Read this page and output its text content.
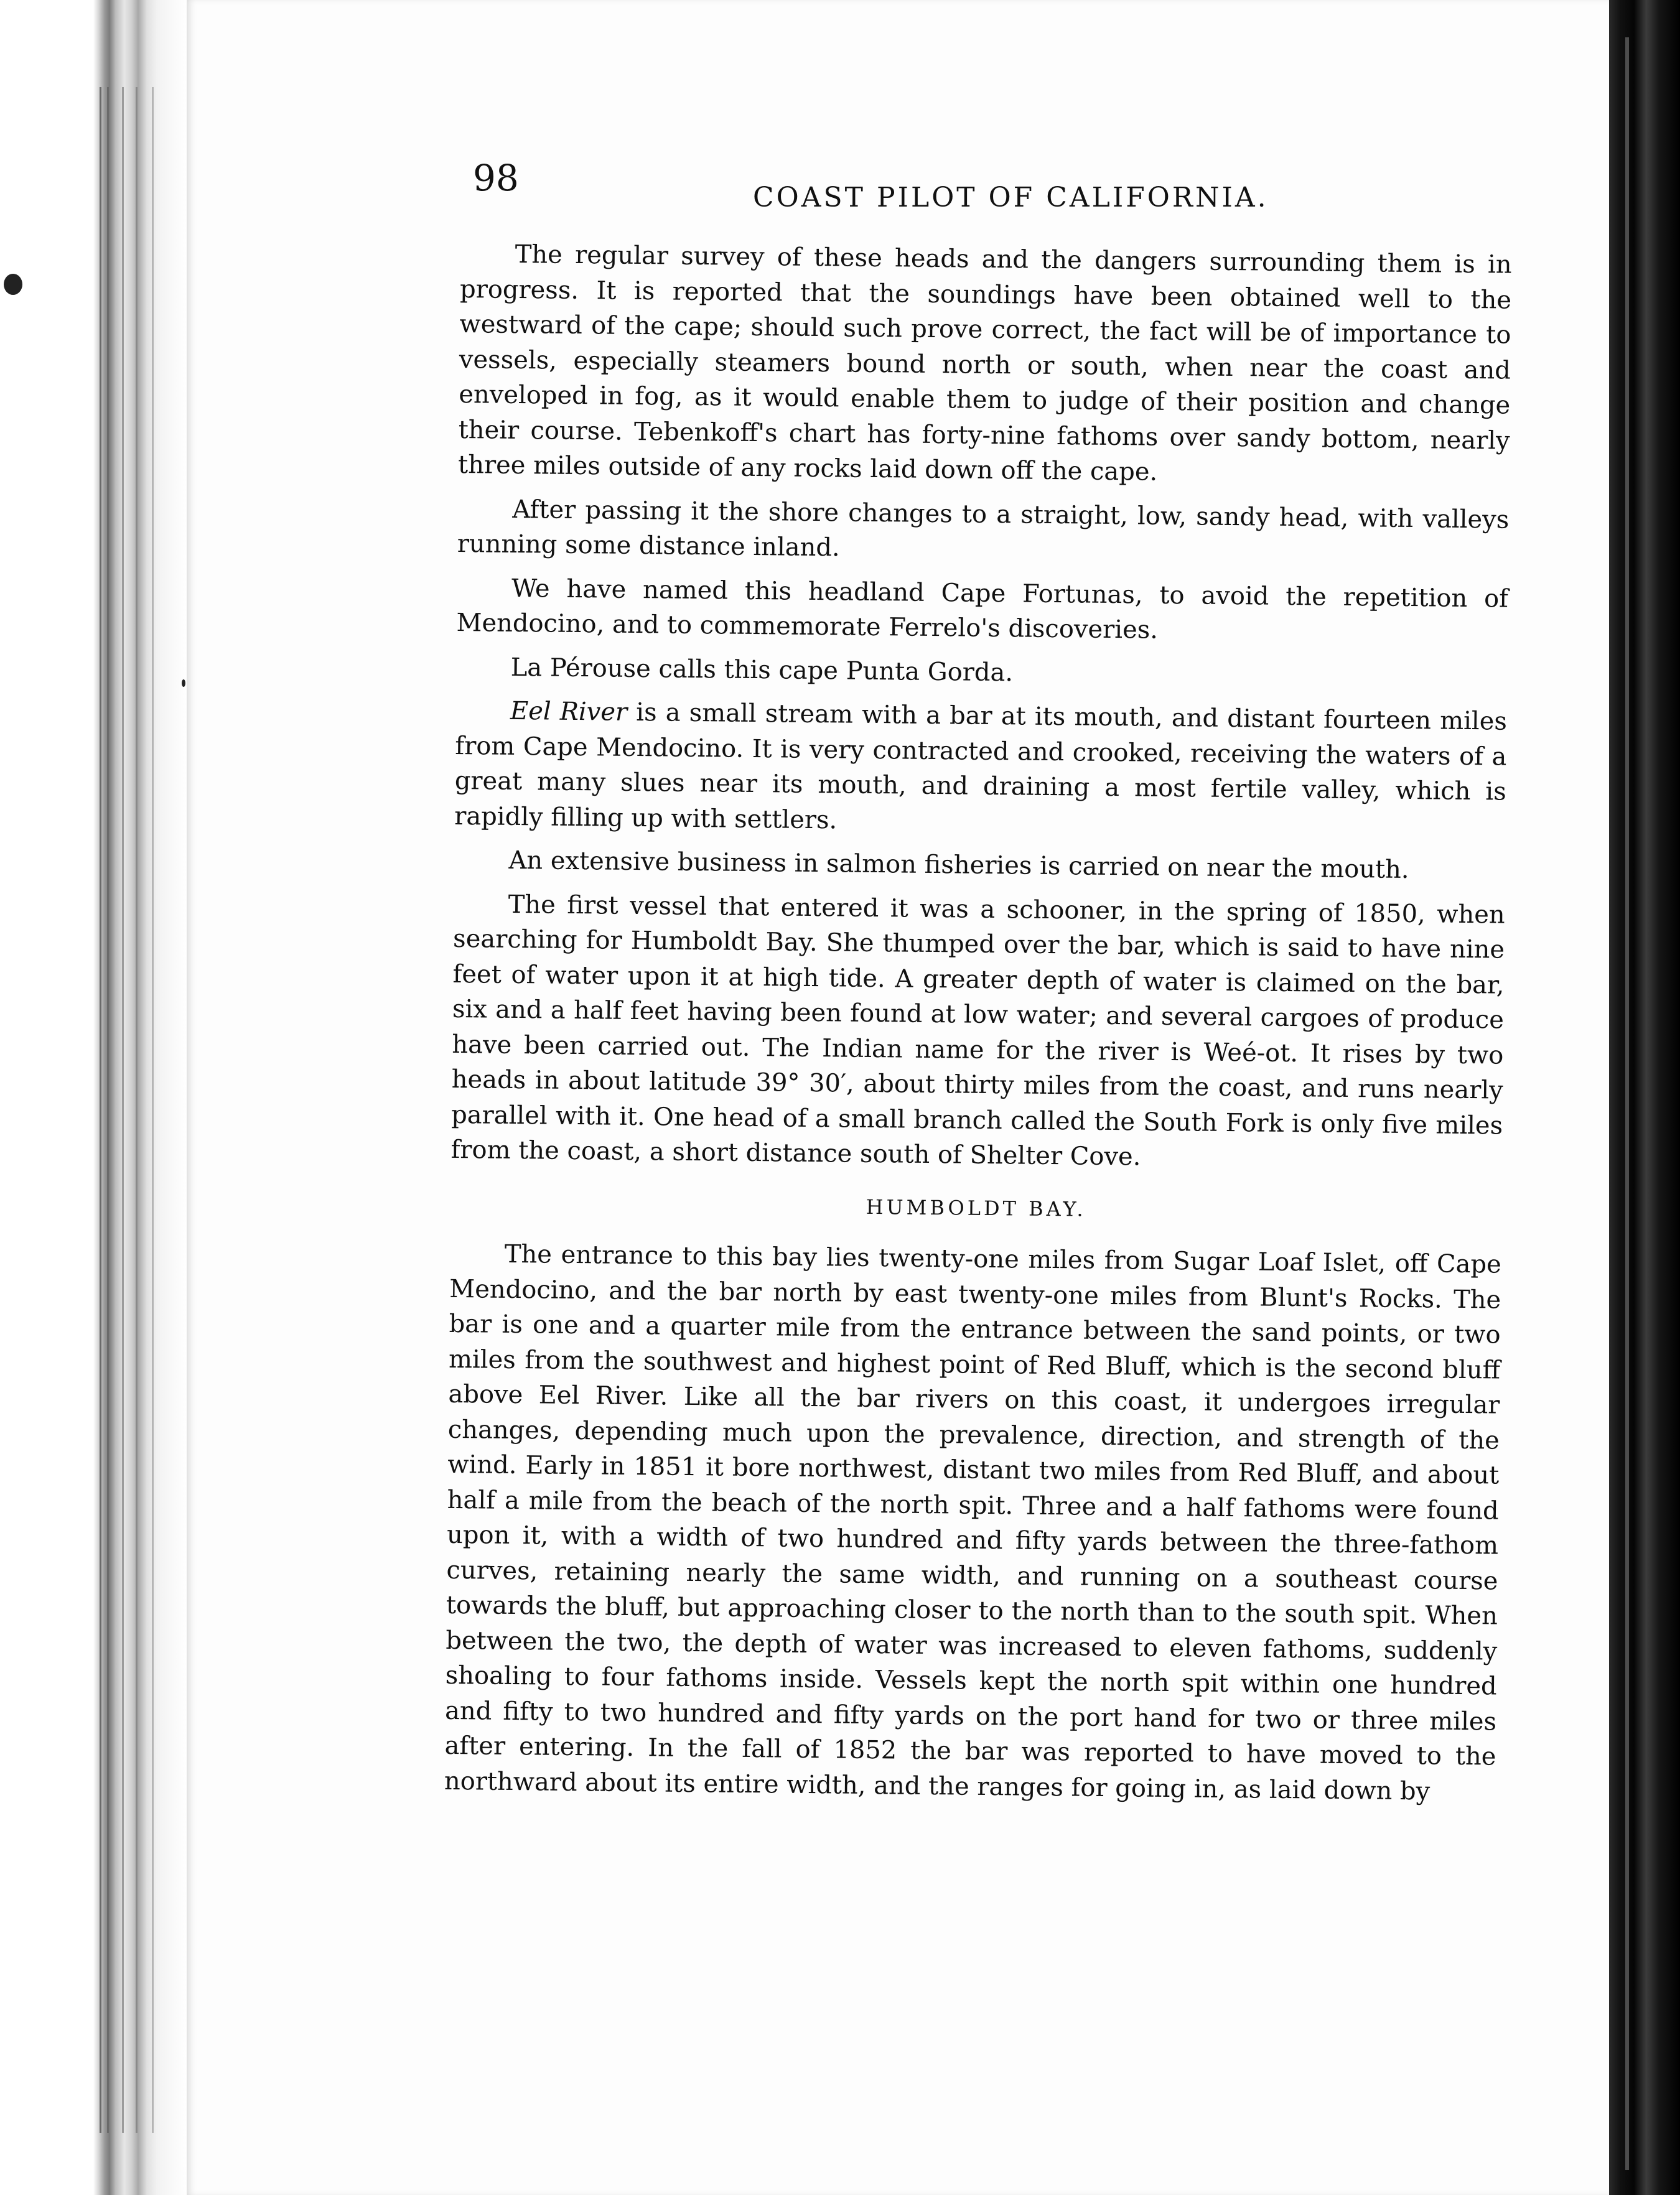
98	COAST PILOT OF CALIFORNIA.

The regular survey of these heads and the dangers surrounding them is in progress. It is reported that the soundings have been obtained well to the westward of the cape; should such prove correct, the fact will be of importance to vessels, especially steamers bound north or south, when near the coast and enveloped in fog, as it would enable them to judge of their position and change their course. Tebenkoff's chart has forty-nine fathoms over sandy bottom, nearly three miles outside of any rocks laid down off the cape.

After passing it the shore changes to a straight, low, sandy head, with valleys running some distance inland.

We have named this headland Cape Fortunas, to avoid the repetition of Mendocino, and to commemorate Ferrelo's discoveries.

La Pérouse calls this cape Punta Gorda.

Eel River is a small stream with a bar at its mouth, and distant fourteen miles from Cape Mendocino. It is very contracted and crooked, receiving the waters of a great many slues near its mouth, and draining a most fertile valley, which is rapidly filling up with settlers.

An extensive business in salmon fisheries is carried on near the mouth.

The first vessel that entered it was a schooner, in the spring of 1850, when searching for Humboldt Bay. She thumped over the bar, which is said to have nine feet of water upon it at high tide. A greater depth of water is claimed on the bar, six and a half feet having been found at low water; and several cargoes of produce have been carried out. The Indian name for the river is Weé-ot. It rises by two heads in about latitude 39° 30′, about thirty miles from the coast, and runs nearly parallel with it. One head of a small branch called the South Fork is only five miles from the coast, a short distance south of Shelter Cove.

HUMBOLDT BAY.

The entrance to this bay lies twenty-one miles from Sugar Loaf Islet, off Cape Mendocino, and the bar north by east twenty-one miles from Blunt's Rocks. The bar is one and a quarter mile from the entrance between the sand points, or two miles from the southwest and highest point of Red Bluff, which is the second bluff above Eel River. Like all the bar rivers on this coast, it undergoes irregular changes, depending much upon the prevalence, direction, and strength of the wind. Early in 1851 it bore northwest, distant two miles from Red Bluff, and about half a mile from the beach of the north spit. Three and a half fathoms were found upon it, with a width of two hundred and fifty yards between the three-fathom curves, retaining nearly the same width, and running on a southeast course towards the bluff, but approaching closer to the north than to the south spit. When between the two, the depth of water was increased to eleven fathoms, suddenly shoaling to four fathoms inside. Vessels kept the north spit within one hundred and fifty to two hundred and fifty yards on the port hand for two or three miles after entering. In the fall of 1852 the bar was reported to have moved to the northward about its entire width, and the ranges for going in, as laid down by
